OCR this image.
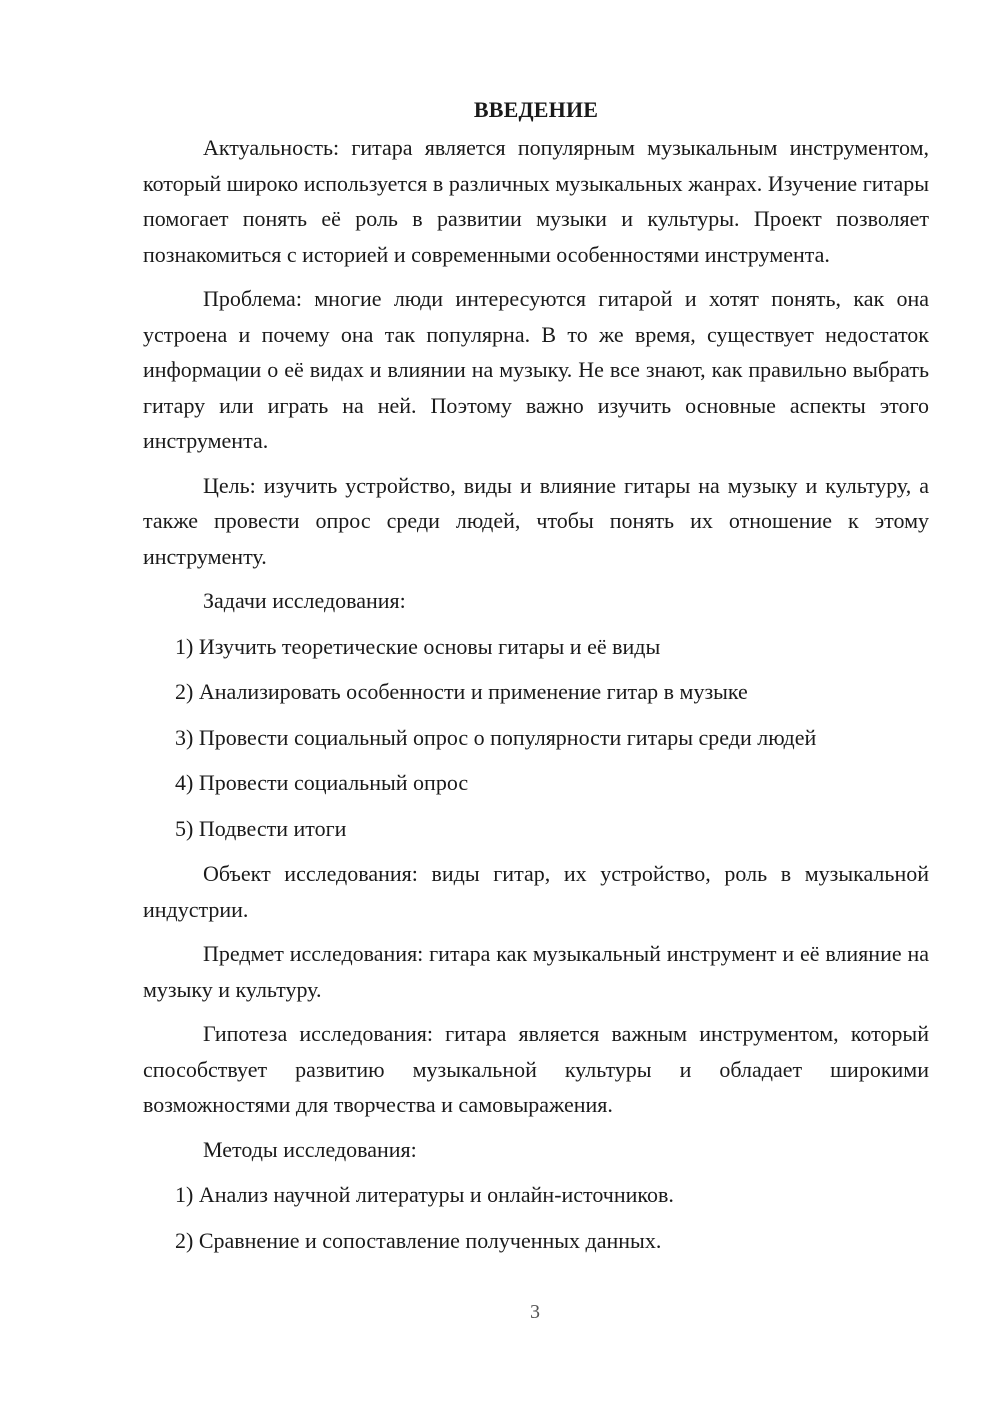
ВВЕДЕНИЕ

Актуальность: гитара является популярным музыкальным инструментом, который широко используется в различных музыкальных жанрах. Изучение гитары помогает понять её роль в развитии музыки и культуры. Проект позволяет познакомиться с историей и современными особенностями инструмента.

Проблема: многие люди интересуются гитарой и хотят понять, как она устроена и почему она так популярна. В то же время, существует недостаток информации о её видах и влиянии на музыку. Не все знают, как правильно выбрать гитару или играть на ней. Поэтому важно изучить основные аспекты этого инструмента.

Цель: изучить устройство, виды и влияние гитары на музыку и культуру, а также провести опрос среди людей, чтобы понять их отношение к этому инструменту.

Задачи исследования:

1) Изучить теоретические основы гитары и её виды

2) Анализировать особенности и применение гитар в музыке

3) Провести социальный опрос о популярности гитары среди людей

4) Провести социальный опрос

5) Подвести итоги

Объект исследования: виды гитар, их устройство, роль в музыкальной индустрии.

Предмет исследования: гитара как музыкальный инструмент и её влияние на музыку и культуру.

Гипотеза исследования: гитара является важным инструментом, который способствует развитию музыкальной культуры и обладает широкими возможностями для творчества и самовыражения.

Методы исследования:

1) Анализ научной литературы и онлайн-источников.

2) Сравнение и сопоставление полученных данных.

3
